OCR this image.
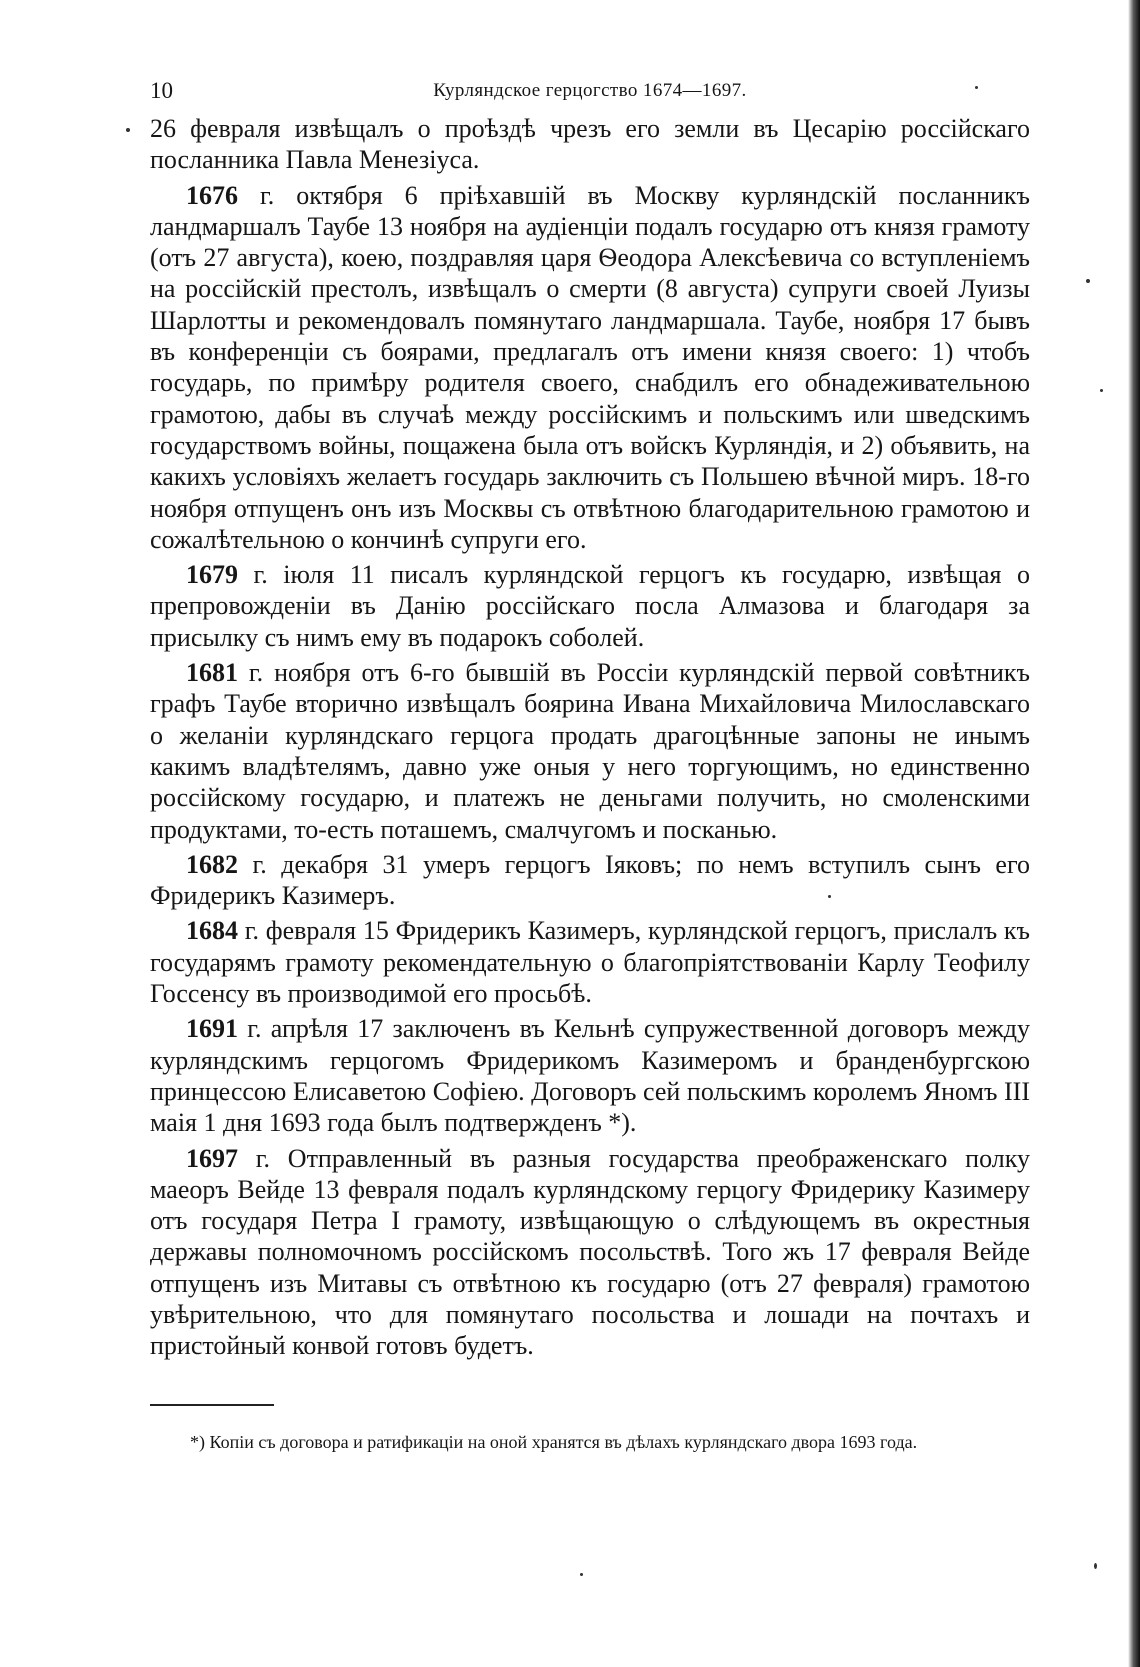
10	Курляндское герцогство 1674—1697.

26 февраля извѣщалъ о проѣздѣ чрезъ его земли въ Цесарію россійскаго посланника Павла Менезіуса.

1676 г. октября 6 пріѣхавшій въ Москву курляндскій посланникъ ландмаршалъ Таубе 13 ноября на аудіенціи подалъ государю отъ князя грамоту (отъ 27 августа), коею, поздравляя царя Ѳеодора Алексѣевича со вступленіемъ на россійскій престолъ, извѣщалъ о смерти (8 августа) супруги своей Луизы Шарлотты и рекомендовалъ помянутаго ландмаршала. Таубе, ноября 17 бывъ въ конференціи съ боярами, предлагалъ отъ имени князя своего: 1) чтобъ государь, по примѣру родителя своего, снабдилъ его обнадеживательною грамотою, дабы въ случаѣ между россійскимъ и польскимъ или шведскимъ государствомъ войны, пощажена была отъ войскъ Курляндія, и 2) объявить, на какихъ условіяхъ желаетъ государь заключить съ Польшею вѣчной миръ. 18-го ноября отпущенъ онъ изъ Москвы съ отвѣтною благодарительною грамотою и сожалѣтельною о кончинѣ супруги его.

1679 г. іюля 11 писалъ курляндской герцогъ къ государю, извѣщая о препровожденіи въ Данію россійскаго посла Алмазова и благодаря за присылку съ нимъ ему въ подарокъ соболей.

1681 г. ноября отъ 6-го бывшій въ Россіи курляндскій первой совѣтникъ графъ Таубе вторично извѣщалъ боярина Ивана Михайловича Милославскаго о желаніи курляндскаго герцога продать драгоцѣнные запоны не инымъ какимъ владѣтелямъ, давно уже оныя у него торгующимъ, но единственно россійскому государю, и платежъ не деньгами получить, но смоленскими продуктами, то-есть поташемъ, смалчугомъ и посканью.

1682 г. декабря 31 умеръ герцогъ Іяковъ; по немъ вступилъ сынъ его Фридерикъ Казимеръ.

1684 г. февраля 15 Фридерикъ Казимеръ, курляндской герцогъ, прислалъ къ государямъ грамоту рекомендательную о благопріятствованіи Карлу Теофилу Госсенсу въ производимой его просьбѣ.

1691 г. апрѣля 17 заключенъ въ Кельнѣ супружественной договоръ между курляндскимъ герцогомъ Фридерикомъ Казимеромъ и бранденбургскою принцессою Елисаветою Софіею. Договоръ сей польскимъ королемъ Яномъ III маія 1 дня 1693 года былъ подтвержденъ *).

1697 г. Отправленный въ разныя государства преображенскаго полку маеоръ Вейде 13 февраля подалъ курляндскому герцогу Фридерику Казимеру отъ государя Петра I грамоту, извѣщающую о слѣдующемъ въ окрестныя державы полномочномъ россійскомъ посольствѣ. Того жъ 17 февраля Вейде отпущенъ изъ Митавы съ отвѣтною къ государю (отъ 27 февраля) грамотою увѣрительною, что для помянутаго посольства и лошади на почтахъ и пристойный конвой готовъ будетъ.

*) Копіи съ договора и ратификаціи на оной хранятся въ дѣлахъ курляндскаго двора 1693 года.
